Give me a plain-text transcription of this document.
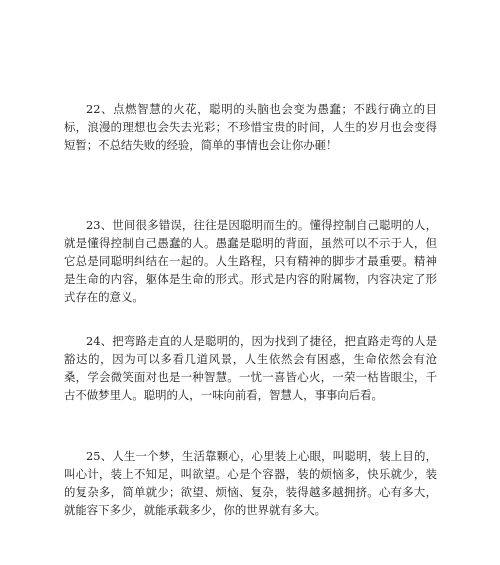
22、点燃智慧的火花，聪明的头脑也会变为愚蠢；不践行确立的目标，浪漫的理想也会失去光彩；不珍惜宝贵的时间，人生的岁月也会变得短暂；不总结失败的经验，简单的事情也会让你办砸！

23、世间很多错误，往往是因聪明而生的。懂得控制自己聪明的人，就是懂得控制自己愚蠢的人。愚蠢是聪明的背面，虽然可以不示于人，但它总是同聪明纠结在一起的。人生路程，只有精神的脚步才最重要。精神是生命的内容，躯体是生命的形式。形式是内容的附属物，内容决定了形式存在的意义。

24、把弯路走直的人是聪明的，因为找到了捷径，把直路走弯的人是豁达的，因为可以多看几道风景，人生依然会有困惑，生命依然会有沧桑，学会微笑面对也是一种智慧。一忧一喜皆心火，一荣一枯皆眼尘，千古不做梦里人。聪明的人，一味向前看，智慧人，事事向后看。

25、人生一个梦，生活靠颗心，心里装上心眼，叫聪明，装上目的，叫心计，装上不知足，叫欲望。心是个容器，装的烦恼多，快乐就少，装的复杂多，简单就少；欲望、烦恼、复杂，装得越多越拥挤。心有多大，就能容下多少，就能承载多少，你的世界就有多大。
